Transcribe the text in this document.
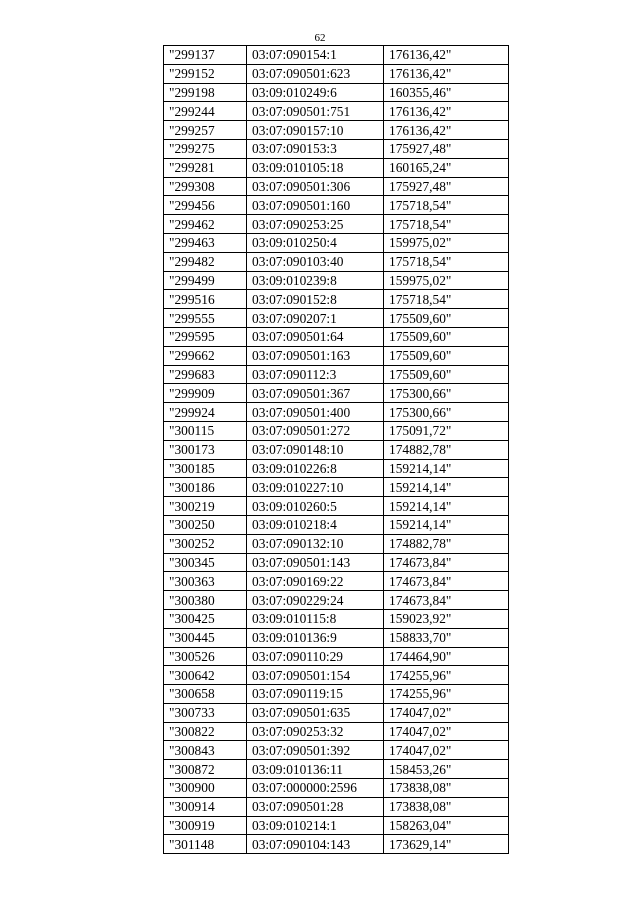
62
"299137	03:07:090154:1	176136,42"
"299152	03:07:090501:623	176136,42"
"299198	03:09:010249:6	160355,46"
"299244	03:07:090501:751	176136,42"
"299257	03:07:090157:10	176136,42"
"299275	03:07:090153:3	175927,48"
"299281	03:09:010105:18	160165,24"
"299308	03:07:090501:306	175927,48"
"299456	03:07:090501:160	175718,54"
"299462	03:07:090253:25	175718,54"
"299463	03:09:010250:4	159975,02"
"299482	03:07:090103:40	175718,54"
"299499	03:09:010239:8	159975,02"
"299516	03:07:090152:8	175718,54"
"299555	03:07:090207:1	175509,60"
"299595	03:07:090501:64	175509,60"
"299662	03:07:090501:163	175509,60"
"299683	03:07:090112:3	175509,60"
"299909	03:07:090501:367	175300,66"
"299924	03:07:090501:400	175300,66"
"300115	03:07:090501:272	175091,72"
"300173	03:07:090148:10	174882,78"
"300185	03:09:010226:8	159214,14"
"300186	03:09:010227:10	159214,14"
"300219	03:09:010260:5	159214,14"
"300250	03:09:010218:4	159214,14"
"300252	03:07:090132:10	174882,78"
"300345	03:07:090501:143	174673,84"
"300363	03:07:090169:22	174673,84"
"300380	03:07:090229:24	174673,84"
"300425	03:09:010115:8	159023,92"
"300445	03:09:010136:9	158833,70"
"300526	03:07:090110:29	174464,90"
"300642	03:07:090501:154	174255,96"
"300658	03:07:090119:15	174255,96"
"300733	03:07:090501:635	174047,02"
"300822	03:07:090253:32	174047,02"
"300843	03:07:090501:392	174047,02"
"300872	03:09:010136:11	158453,26"
"300900	03:07:000000:2596	173838,08"
"300914	03:07:090501:28	173838,08"
"300919	03:09:010214:1	158263,04"
"301148	03:07:090104:143	173629,14"
